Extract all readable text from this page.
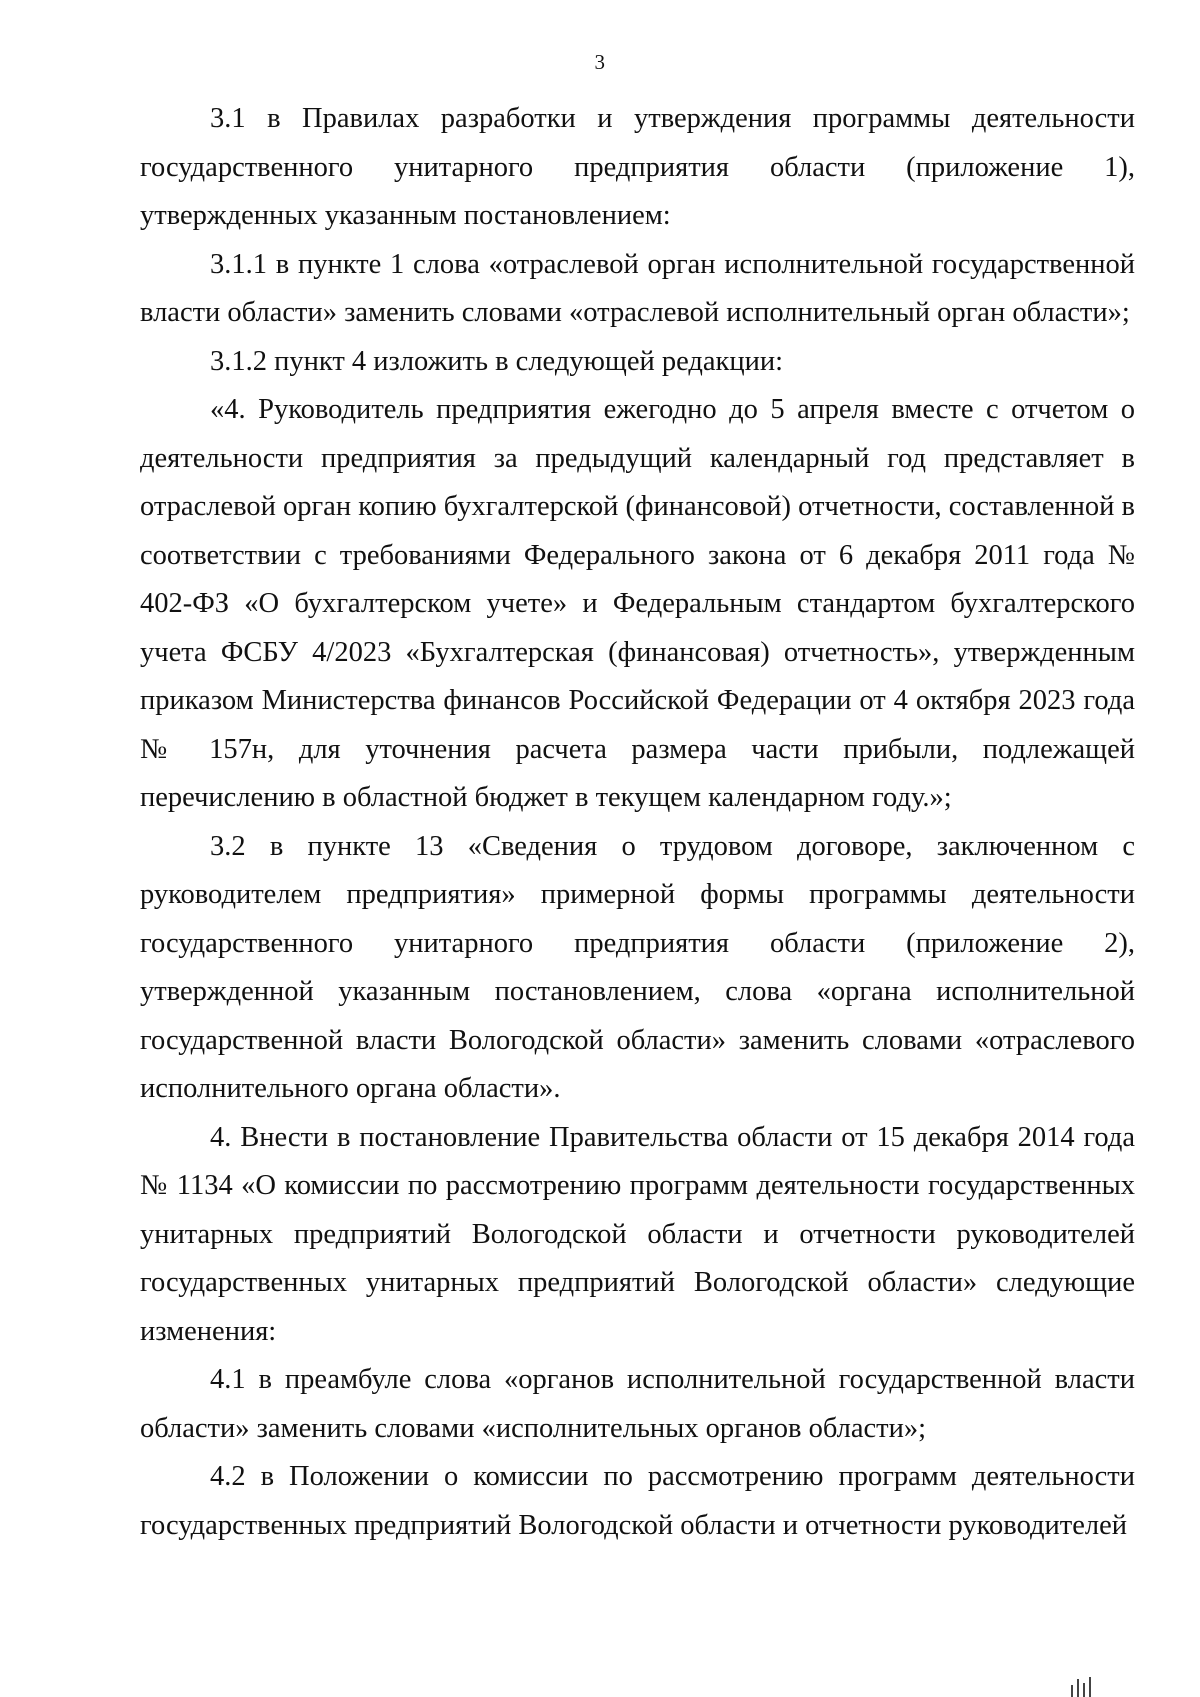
3

3.1 в Правилах разработки и утверждения программы деятельности государственного унитарного предприятия области (приложение 1), утвержденных указанным постановлением:

3.1.1 в пункте 1 слова «отраслевой орган исполнительной государственной власти области» заменить словами «отраслевой исполнительный орган области»;

3.1.2 пункт 4 изложить в следующей редакции:

«4. Руководитель предприятия ежегодно до 5 апреля вместе с отчетом о деятельности предприятия за предыдущий календарный год представляет в отраслевой орган копию бухгалтерской (финансовой) отчетности, составленной в соответствии с требованиями Федерального закона от 6 декабря 2011 года № 402-ФЗ «О бухгалтерском учете» и Федеральным стандартом бухгалтерского учета ФСБУ 4/2023 «Бухгалтерская (финансовая) отчетность», утвержденным приказом Министерства финансов Российской Федерации от 4 октября 2023 года № 157н, для уточнения расчета размера части прибыли, подлежащей перечислению в областной бюджет в текущем календарном году.»;

3.2 в пункте 13 «Сведения о трудовом договоре, заключенном с руководителем предприятия» примерной формы программы деятельности государственного унитарного предприятия области (приложение 2), утвержденной указанным постановлением, слова «органа исполнительной государственной власти Вологодской области» заменить словами «отраслевого исполнительного органа области».

4. Внести в постановление Правительства области от 15 декабря 2014 года № 1134 «О комиссии по рассмотрению программ деятельности государственных унитарных предприятий Вологодской области и отчетности руководителей государственных унитарных предприятий Вологодской области» следующие изменения:

4.1 в преамбуле слова «органов исполнительной государственной власти области» заменить словами «исполнительных органов области»;

4.2 в Положении о комиссии по рассмотрению программ деятельности государственных предприятий Вологодской области и отчетности руководителей
